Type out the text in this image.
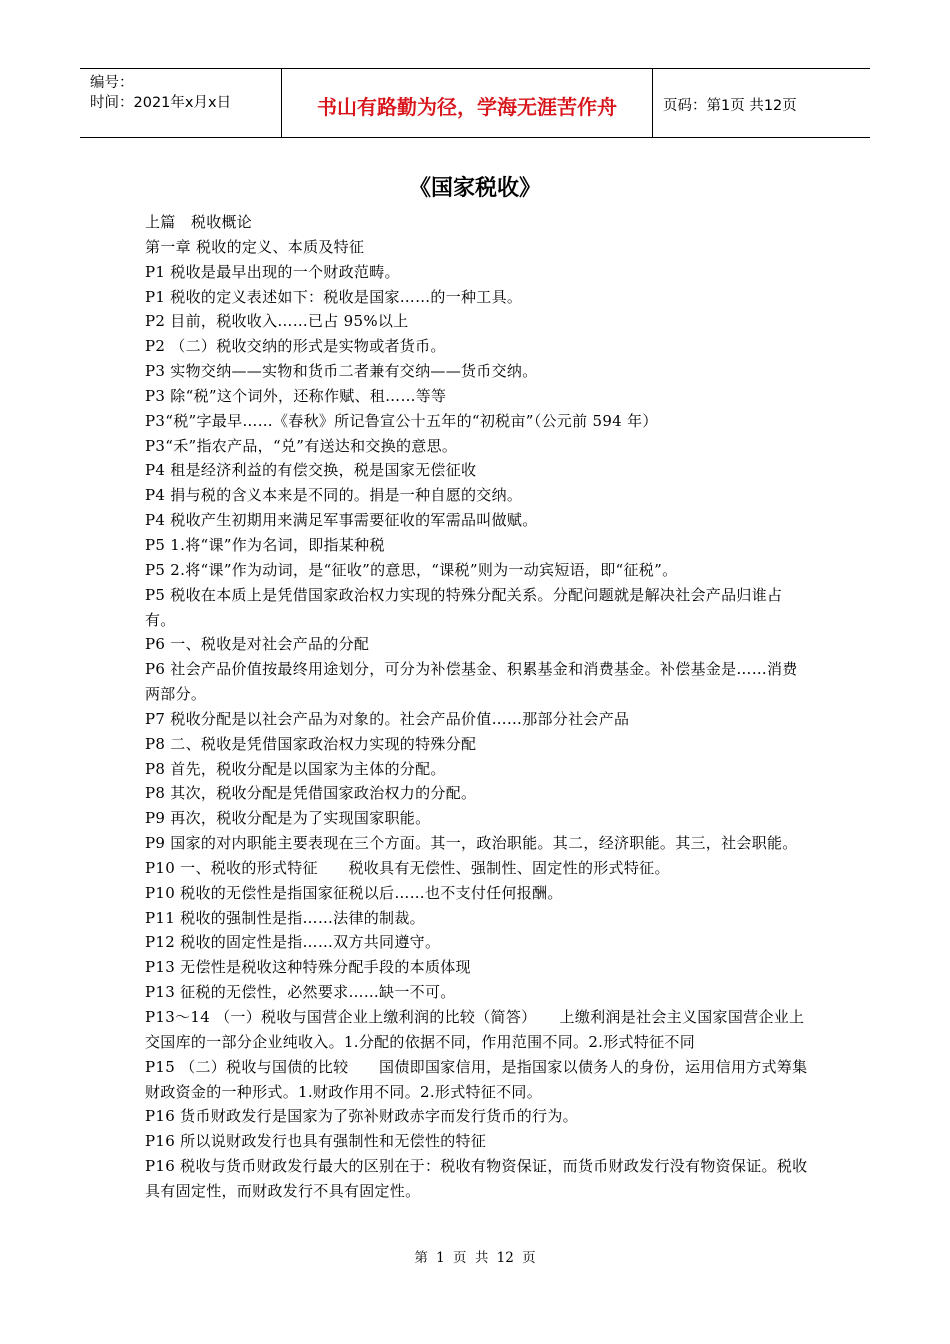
编号：
时间：2021年x月x日	书山有路勤为径，学海无涯苦作舟	页码：第1页 共12页
《国家税收》

上篇　税收概论

第一章 税收的定义、本质及特征

P1 税收是最早出现的一个财政范畴。

P1 税收的定义表述如下：税收是国家……的一种工具。

P2 目前，税收收入……已占 95%以上

P2 （二）税收交纳的形式是实物或者货币。

P3 实物交纳——实物和货币二者兼有交纳——货币交纳。

P3 除“税”这个词外，还称作赋、租……等等

P3“税”字最早……《春秋》所记鲁宣公十五年的“初税亩”（公元前 594 年）

P3“禾”指农产品，“兑”有送达和交换的意思。

P4 租是经济利益的有偿交换，税是国家无偿征收

P4 捐与税的含义本来是不同的。捐是一种自愿的交纳。

P4 税收产生初期用来满足军事需要征收的军需品叫做赋。

P5 1.将“课”作为名词，即指某种税

P5 2.将“课”作为动词，是“征收”的意思，“课税”则为一动宾短语，即“征税”。

P5 税收在本质上是凭借国家政治权力实现的特殊分配关系。分配问题就是解决社会产品归谁占有。

P6 一、税收是对社会产品的分配

P6 社会产品价值按最终用途划分，可分为补偿基金、积累基金和消费基金。补偿基金是……消费两部分。

P7 税收分配是以社会产品为对象的。社会产品价值……那部分社会产品

P8 二、税收是凭借国家政治权力实现的特殊分配

P8 首先，税收分配是以国家为主体的分配。

P8 其次，税收分配是凭借国家政治权力的分配。

P9 再次，税收分配是为了实现国家职能。

P9 国家的对内职能主要表现在三个方面。其一，政治职能。其二，经济职能。其三，社会职能。

P10 一、税收的形式特征　　税收具有无偿性、强制性、固定性的形式特征。

P10 税收的无偿性是指国家征税以后……也不支付任何报酬。

P11 税收的强制性是指……法律的制裁。

P12 税收的固定性是指……双方共同遵守。

P13 无偿性是税收这种特殊分配手段的本质体现

P13 征税的无偿性，必然要求……缺一不可。

P13～14 （一）税收与国营企业上缴利润的比较（简答）　　上缴利润是社会主义国家国营企业上交国库的一部分企业纯收入。1.分配的依据不同，作用范围不同。2.形式特征不同

P15 （二）税收与国债的比较　　国债即国家信用，是指国家以债务人的身份，运用信用方式筹集财政资金的一种形式。1.财政作用不同。2.形式特征不同。

P16 货币财政发行是国家为了弥补财政赤字而发行货币的行为。

P16 所以说财政发行也具有强制性和无偿性的特征

P16 税收与货币财政发行最大的区别在于：税收有物资保证，而货币财政发行没有物资保证。税收具有固定性，而财政发行不具有固定性。

第 1 页 共 12 页
